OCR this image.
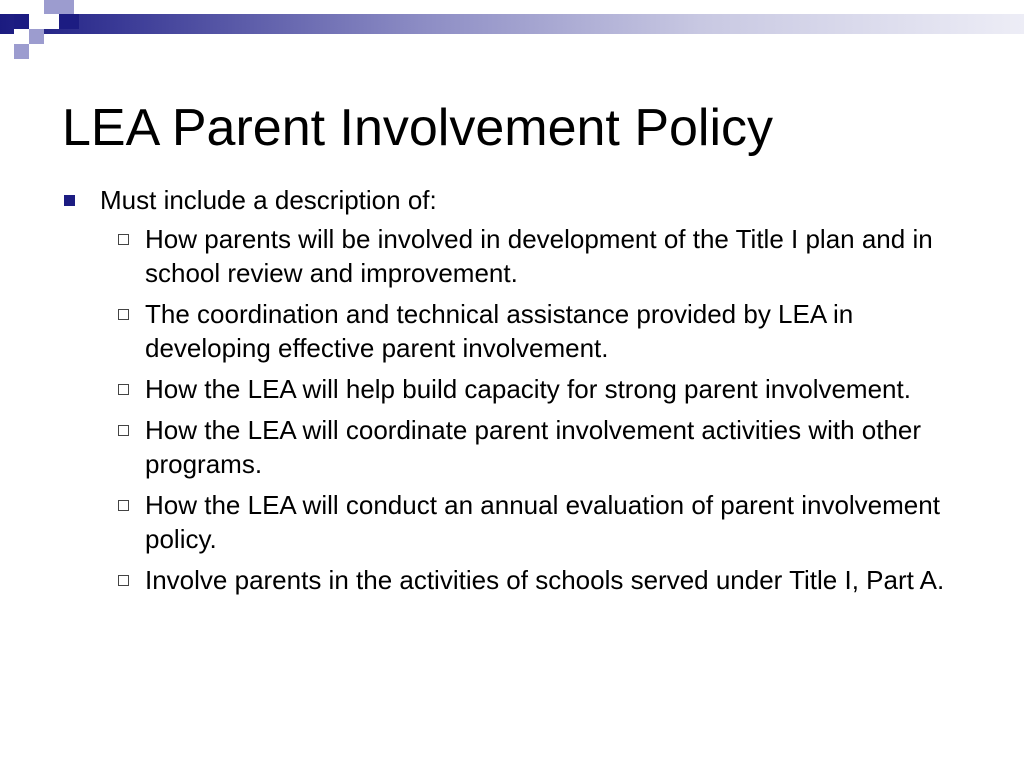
LEA Parent Involvement Policy
Must include a description of:
How parents will be involved in development of the Title I plan and in school review and improvement.
The coordination and technical assistance provided by LEA in developing effective parent involvement.
How the LEA will help build capacity for strong parent involvement.
How the LEA will coordinate parent involvement activities with other programs.
How the LEA will conduct an annual evaluation of parent involvement policy.
Involve parents in the activities of schools served under Title I, Part A.
